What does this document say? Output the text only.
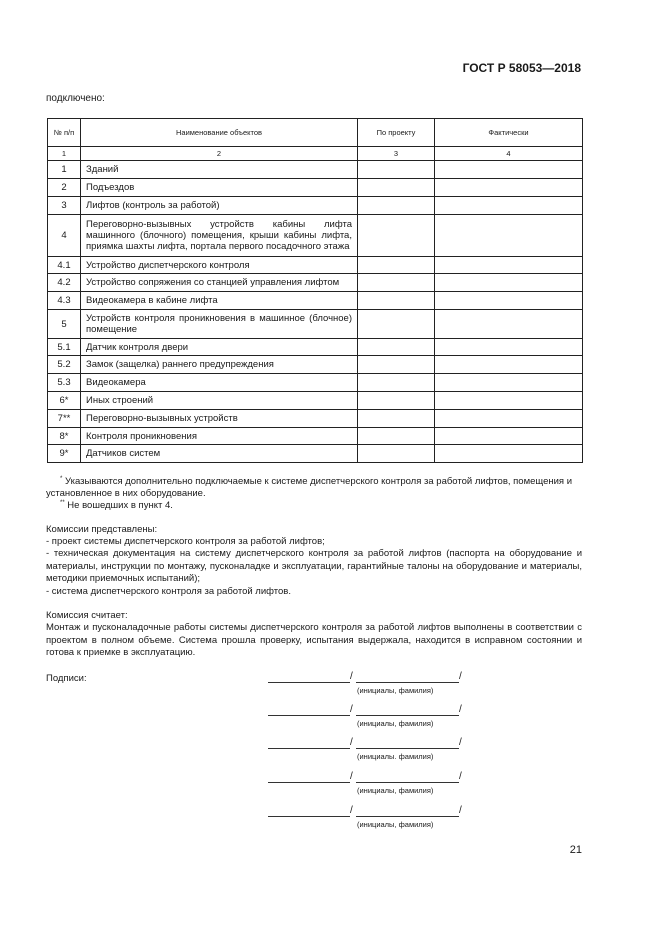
ГОСТ Р 58053—2018
подключено:
№ п/п	Наименование объектов	По проекту	Фактически
1	2	3	4
1	Зданий		
2	Подъездов		
3	Лифтов (контроль за работой)		
4	Переговорно-вызывных устройств кабины лифта машинного (блочного) помещения, крыши кабины лифта, приямка шахты лифта, портала первого посадочного этажа		
4.1	Устройство диспетчерского контроля		
4.2	Устройство сопряжения со станцией управления лифтом		
4.3	Видеокамера в кабине лифта		
5	Устройств контроля проникновения в машинное (блочное) помещение		
5.1	Датчик контроля двери		
5.2	Замок (защелка) раннего предупреждения		
5.3	Видеокамера		
6*	Иных строений		
7**	Переговорно-вызывных устройств		
8*	Контроля проникновения		
9*	Датчиков систем		
* Указываются дополнительно подключаемые к системе диспетчерского контроля за работой лифтов, помещения и установленное в них оборудование.
** Не вошедших в пункт 4.
Комиссии представлены:
- проект системы диспетчерского контроля за работой лифтов;
- техническая документация на систему диспетчерского контроля за работой лифтов (паспорта на оборудование и материалы, инструкции по монтажу, пусконаладке и эксплуатации, гарантийные талоны на оборудование и материалы, методики приемочных испытаний);
- система диспетчерского контроля за работой лифтов.
Комиссия считает:
Монтаж и пусконаладочные работы системы диспетчерского контроля за работой лифтов выполнены в соответствии с проектом в полном объеме. Система прошла проверку, испытания выдержала, находится в исправном состоянии и готова к приемке в эксплуатацию.
Подписи:	/	/
(инициалы, фамилия)
/	/
(инициалы, фамилия)
/	/
(инициалы. фамилия)
/	/
(инициалы, фамилия)
/	/
(инициалы, фамилия)
21
